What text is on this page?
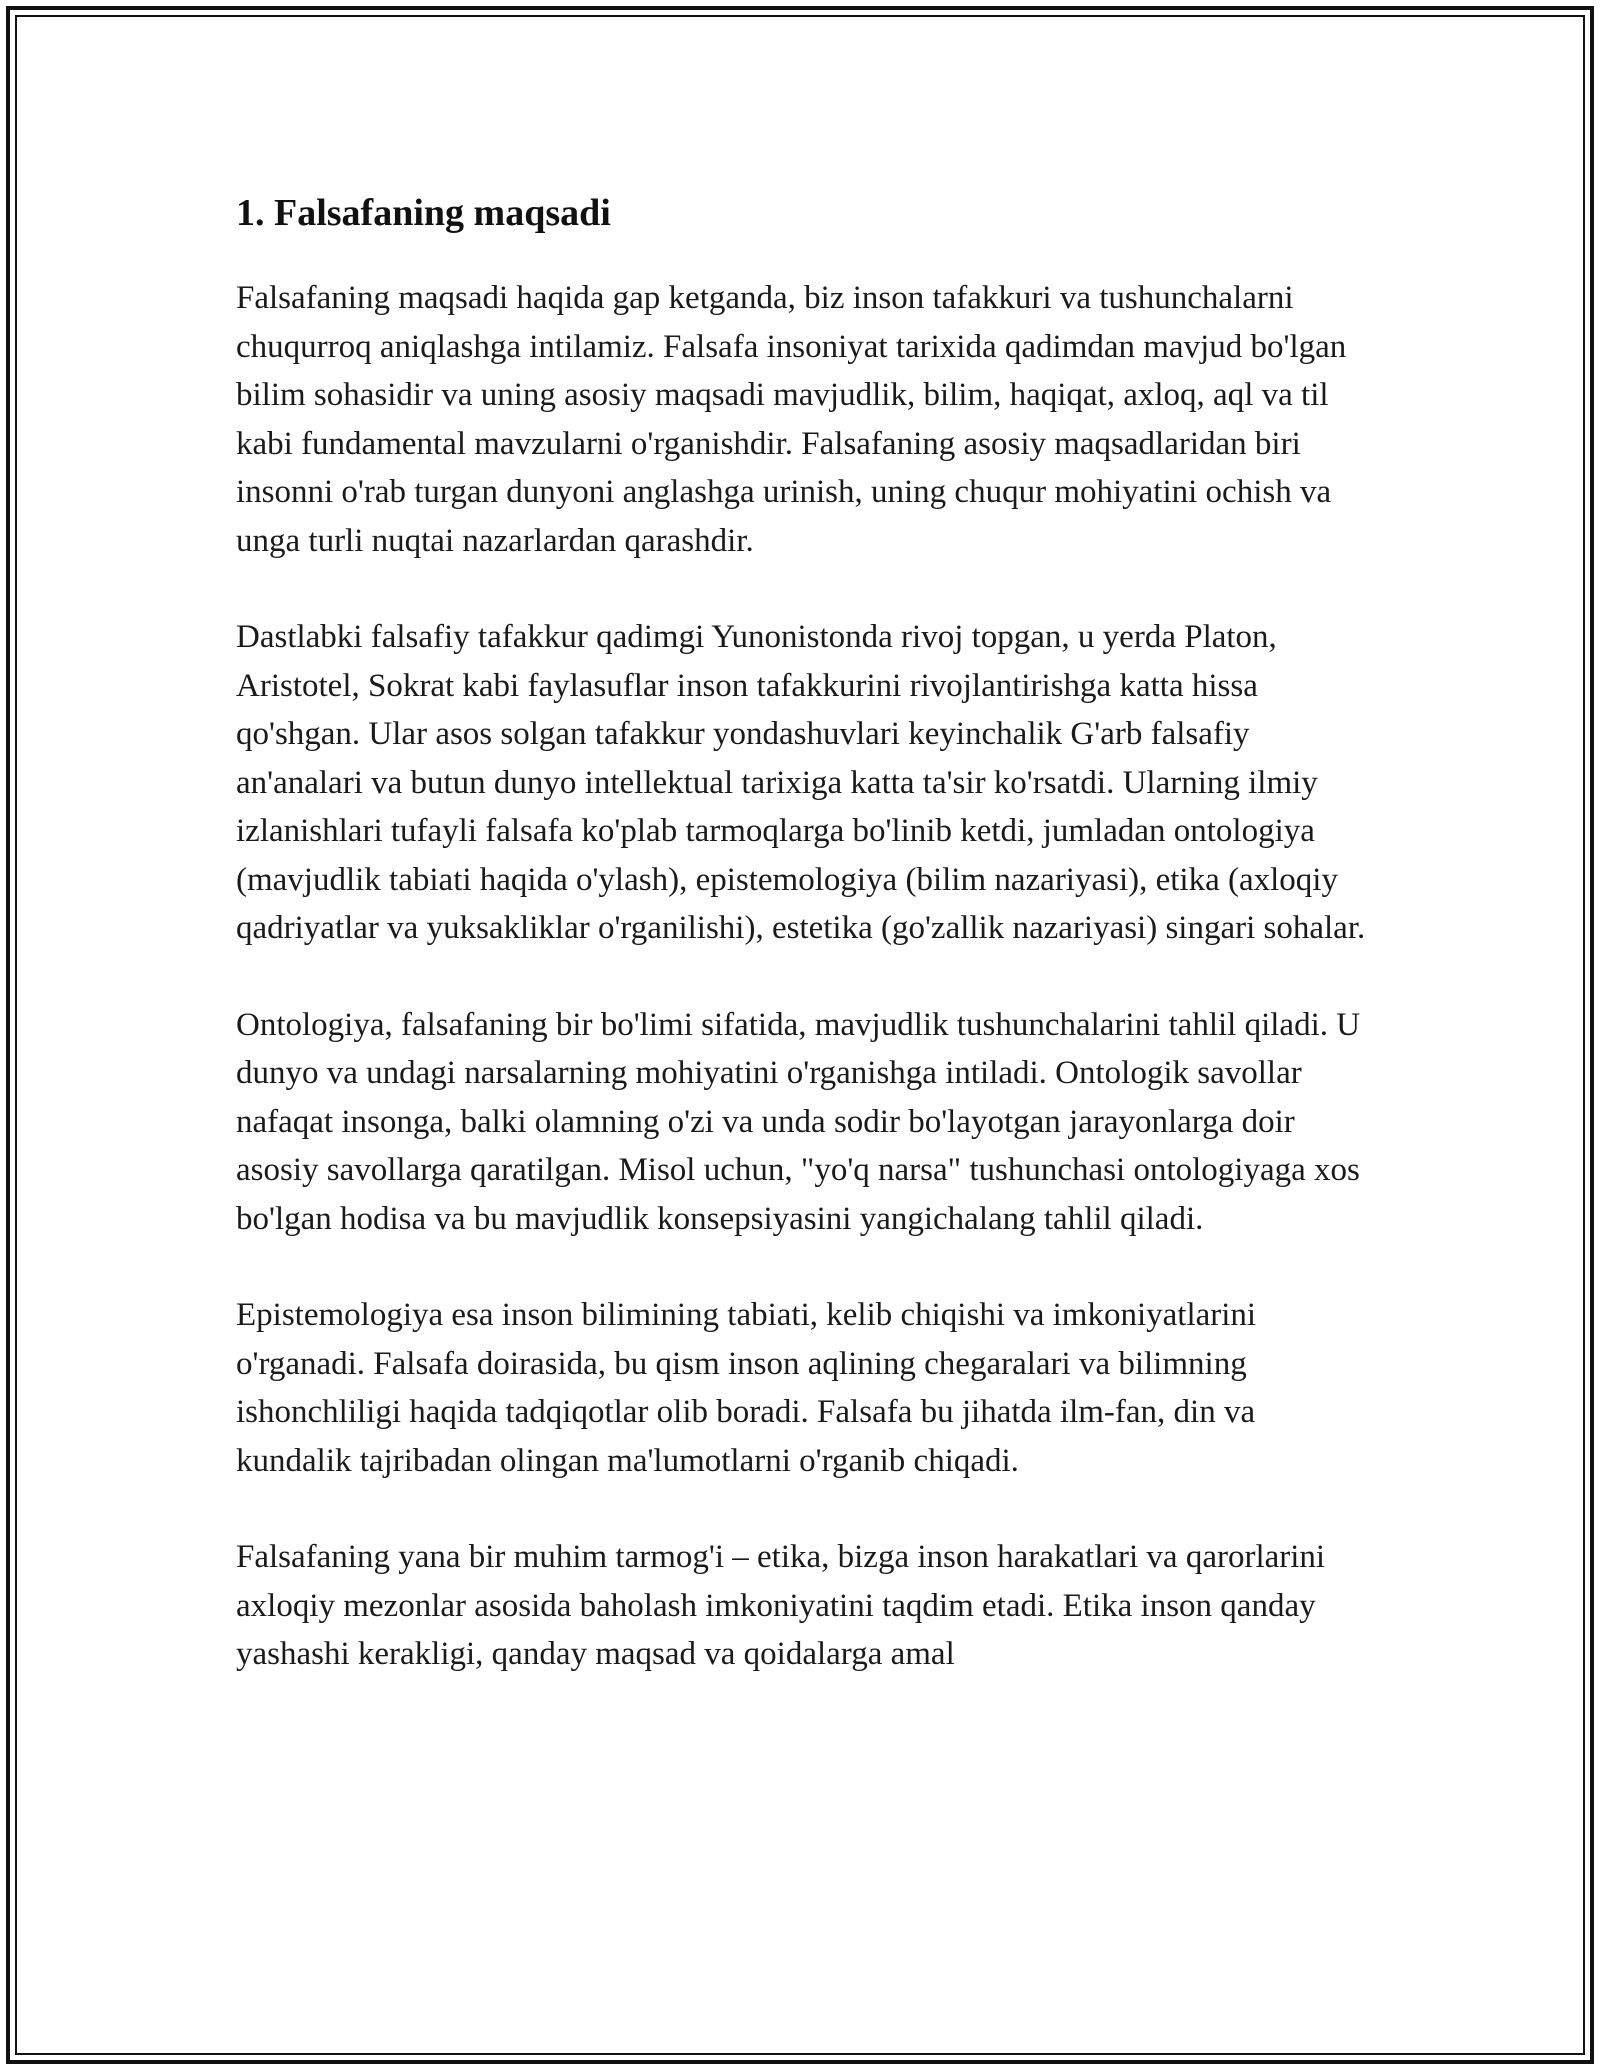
1. Falsafaning maqsadi

Falsafaning maqsadi haqida gap ketganda, biz inson tafakkuri va tushunchalarni chuqurroq aniqlashga intilamiz. Falsafa insoniyat tarixida qadimdan mavjud bo'lgan bilim sohasidir va uning asosiy maqsadi mavjudlik, bilim, haqiqat, axloq, aql va til kabi fundamental mavzularni o'rganishdir. Falsafaning asosiy maqsadlaridan biri insonni o'rab turgan dunyoni anglashga urinish, uning chuqur mohiyatini ochish va unga turli nuqtai nazarlardan qarashdir.

Dastlabki falsafiy tafakkur qadimgi Yunonistonda rivoj topgan, u yerda Platon, Aristotel, Sokrat kabi faylasuflar inson tafakkurini rivojlantirishga katta hissa qo'shgan. Ular asos solgan tafakkur yondashuvlari keyinchalik G'arb falsafiy an'analari va butun dunyo intellektual tarixiga katta ta'sir ko'rsatdi. Ularning ilmiy izlanishlari tufayli falsafa ko'plab tarmoqlarga bo'linib ketdi, jumladan ontologiya (mavjudlik tabiati haqida o'ylash), epistemologiya (bilim nazariyasi), etika (axloqiy qadriyatlar va yuksakliklar o'rganilishi), estetika (go'zallik nazariyasi) singari sohalar.

Ontologiya, falsafaning bir bo'limi sifatida, mavjudlik tushunchalarini tahlil qiladi. U dunyo va undagi narsalarning mohiyatini o'rganishga intiladi. Ontologik savollar nafaqat insonga, balki olamning o'zi va unda sodir bo'layotgan jarayonlarga doir asosiy savollarga qaratilgan. Misol uchun, "yo'q narsa" tushunchasi ontologiyaga xos bo'lgan hodisa va bu mavjudlik konsepsiyasini yangichalang tahlil qiladi.

Epistemologiya esa inson bilimining tabiati, kelib chiqishi va imkoniyatlarini o'rganadi. Falsafa doirasida, bu qism inson aqlining chegaralari va bilimning ishonchliligi haqida tadqiqotlar olib boradi. Falsafa bu jihatda ilm-fan, din va kundalik tajribadan olingan ma'lumotlarni o'rganib chiqadi.

Falsafaning yana bir muhim tarmog'i – etika, bizga inson harakatlari va qarorlarini axloqiy mezonlar asosida baholash imkoniyatini taqdim etadi. Etika inson qanday yashashi kerakligi, qanday maqsad va qoidalarga amal
